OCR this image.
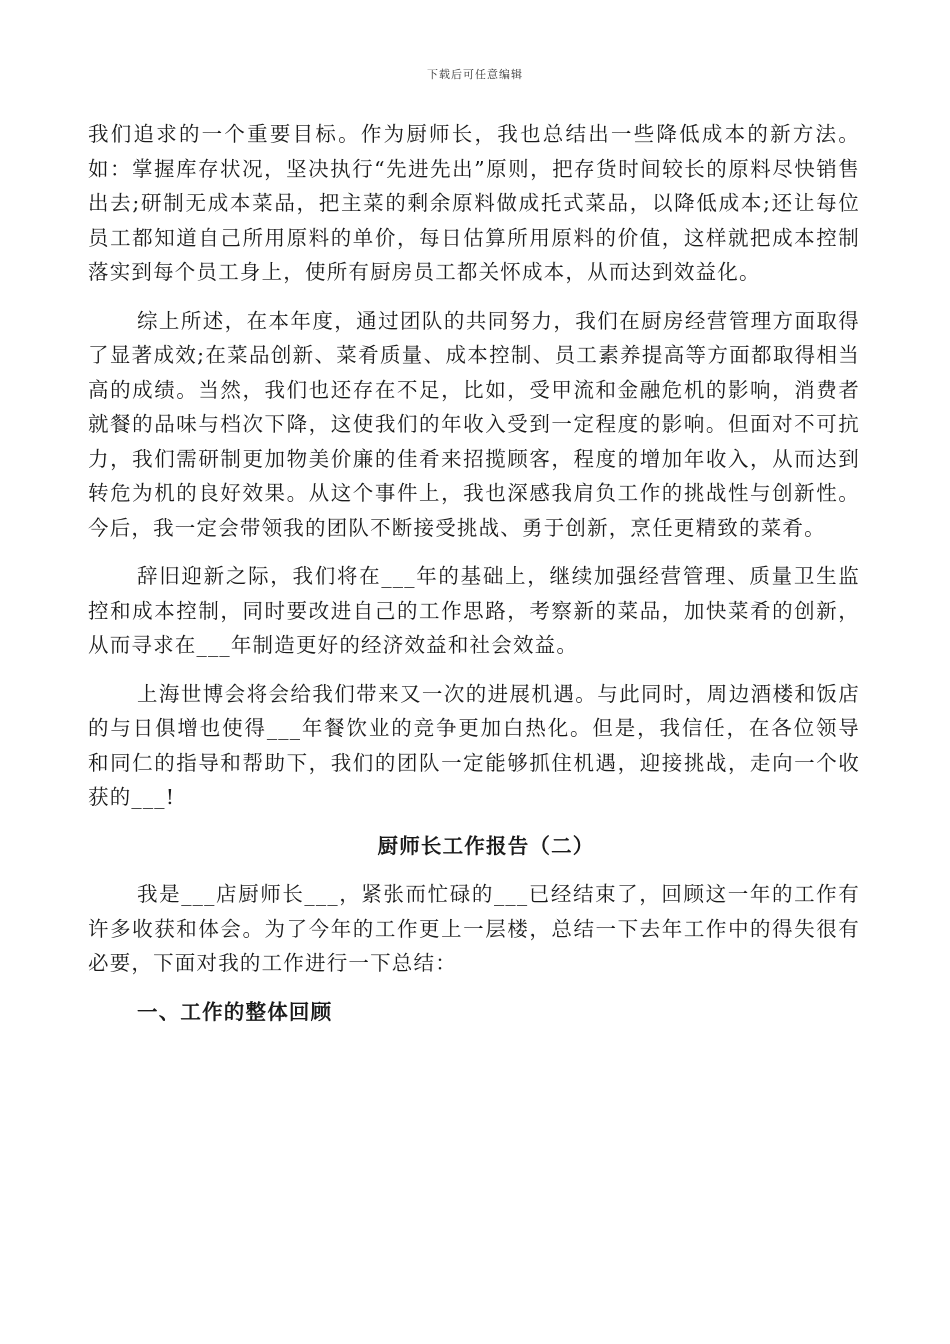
下载后可任意编辑

我们追求的一个重要目标。作为厨师长，我也总结出一些降低成本的新方法。如：掌握库存状况，坚决执行“先进先出”原则，把存货时间较长的原料尽快销售出去;研制无成本菜品，把主菜的剩余原料做成托式菜品，以降低成本;还让每位员工都知道自己所用原料的单价，每日估算所用原料的价值，这样就把成本控制落实到每个员工身上，使所有厨房员工都关怀成本，从而达到效益化。

综上所述，在本年度，通过团队的共同努力，我们在厨房经营管理方面取得了显著成效;在菜品创新、菜肴质量、成本控制、员工素养提高等方面都取得相当高的成绩。当然，我们也还存在不足，比如，受甲流和金融危机的影响，消费者就餐的品味与档次下降，这使我们的年收入受到一定程度的影响。但面对不可抗力，我们需研制更加物美价廉的佳肴来招揽顾客，程度的增加年收入，从而达到转危为机的良好效果。从这个事件上，我也深感我肩负工作的挑战性与创新性。今后，我一定会带领我的团队不断接受挑战、勇于创新，烹任更精致的菜肴。

辞旧迎新之际，我们将在___年的基础上，继续加强经营管理、质量卫生监控和成本控制，同时要改进自己的工作思路，考察新的菜品，加快菜肴的创新，从而寻求在___年制造更好的经济效益和社会效益。

上海世博会将会给我们带来又一次的进展机遇。与此同时，周边酒楼和饭店的与日俱增也使得___年餐饮业的竞争更加白热化。但是，我信任，在各位领导和同仁的指导和帮助下，我们的团队一定能够抓住机遇，迎接挑战，走向一个收获的___!

厨师长工作报告（二）

我是___店厨师长___，紧张而忙碌的___已经结束了，回顾这一年的工作有许多收获和体会。为了今年的工作更上一层楼，总结一下去年工作中的得失很有必要，下面对我的工作进行一下总结：

一、工作的整体回顾
